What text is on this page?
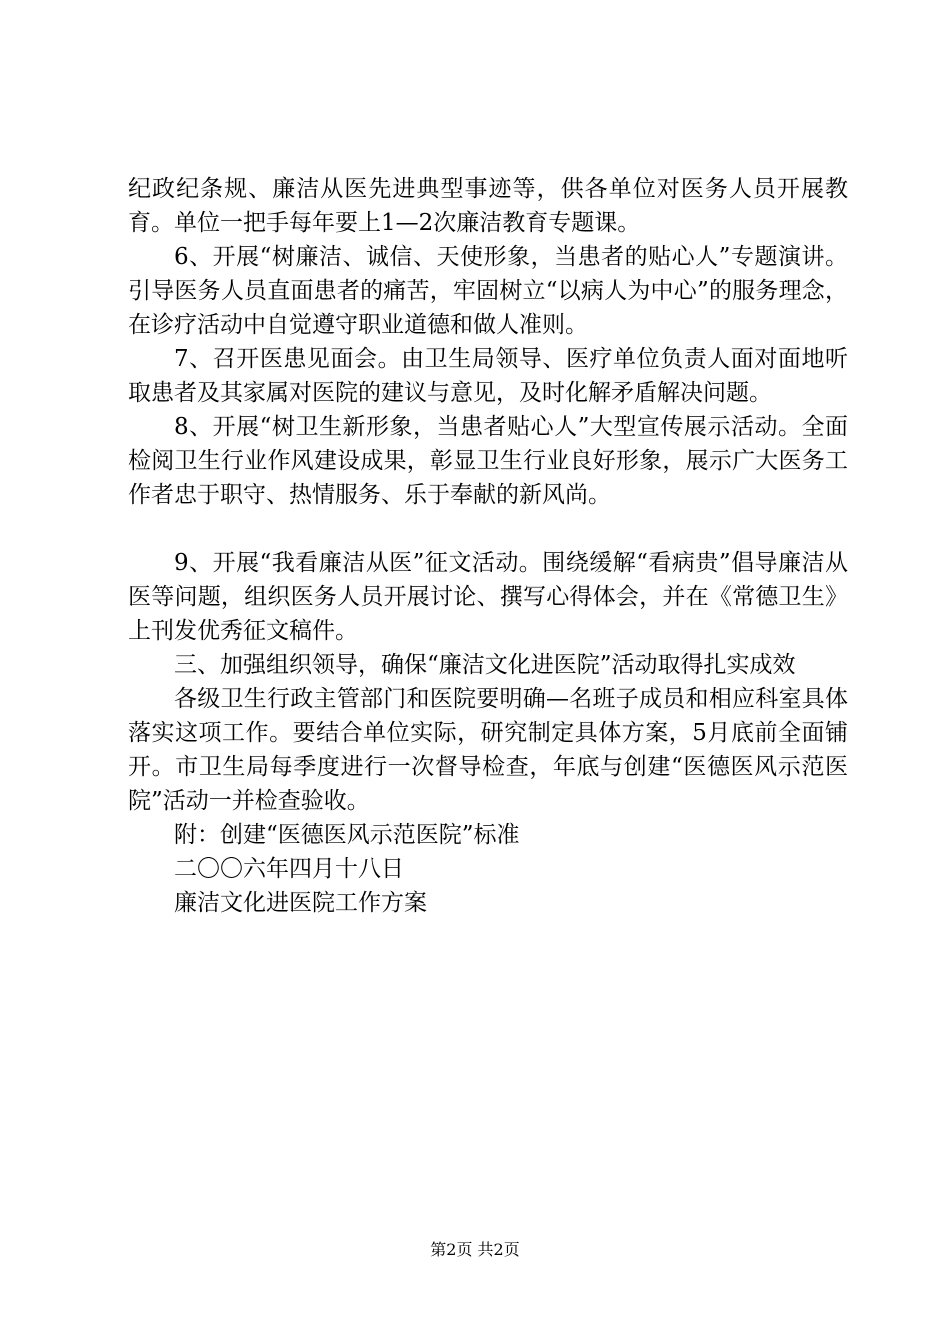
纪政纪条规、廉洁从医先进典型事迹等，供各单位对医务人员开展教育。单位一把手每年要上1—2次廉洁教育专题课。

6、开展“树廉洁、诚信、天使形象，当患者的贴心人”专题演讲。引导医务人员直面患者的痛苦，牢固树立“以病人为中心”的服务理念，在诊疗活动中自觉遵守职业道德和做人准则。

7、召开医患见面会。由卫生局领导、医疗单位负责人面对面地听取患者及其家属对医院的建议与意见，及时化解矛盾解决问题。

8、开展“树卫生新形象，当患者贴心人”大型宣传展示活动。全面检阅卫生行业作风建设成果，彰显卫生行业良好形象，展示广大医务工作者忠于职守、热情服务、乐于奉献的新风尚。

9、开展“我看廉洁从医”征文活动。围绕缓解“看病贵”倡导廉洁从医等问题，组织医务人员开展讨论、撰写心得体会，并在《常德卫生》上刊发优秀征文稿件。

三、加强组织领导，确保“廉洁文化进医院”活动取得扎实成效

各级卫生行政主管部门和医院要明确—名班子成员和相应科室具体落实这项工作。要结合单位实际，研究制定具体方案，5月底前全面铺开。市卫生局每季度进行一次督导检查，年底与创建“医德医风示范医院”活动一并检查验收。

附：创建“医德医风示范医院”标准

二〇〇六年四月十八日

廉洁文化进医院工作方案

第2页 共2页
